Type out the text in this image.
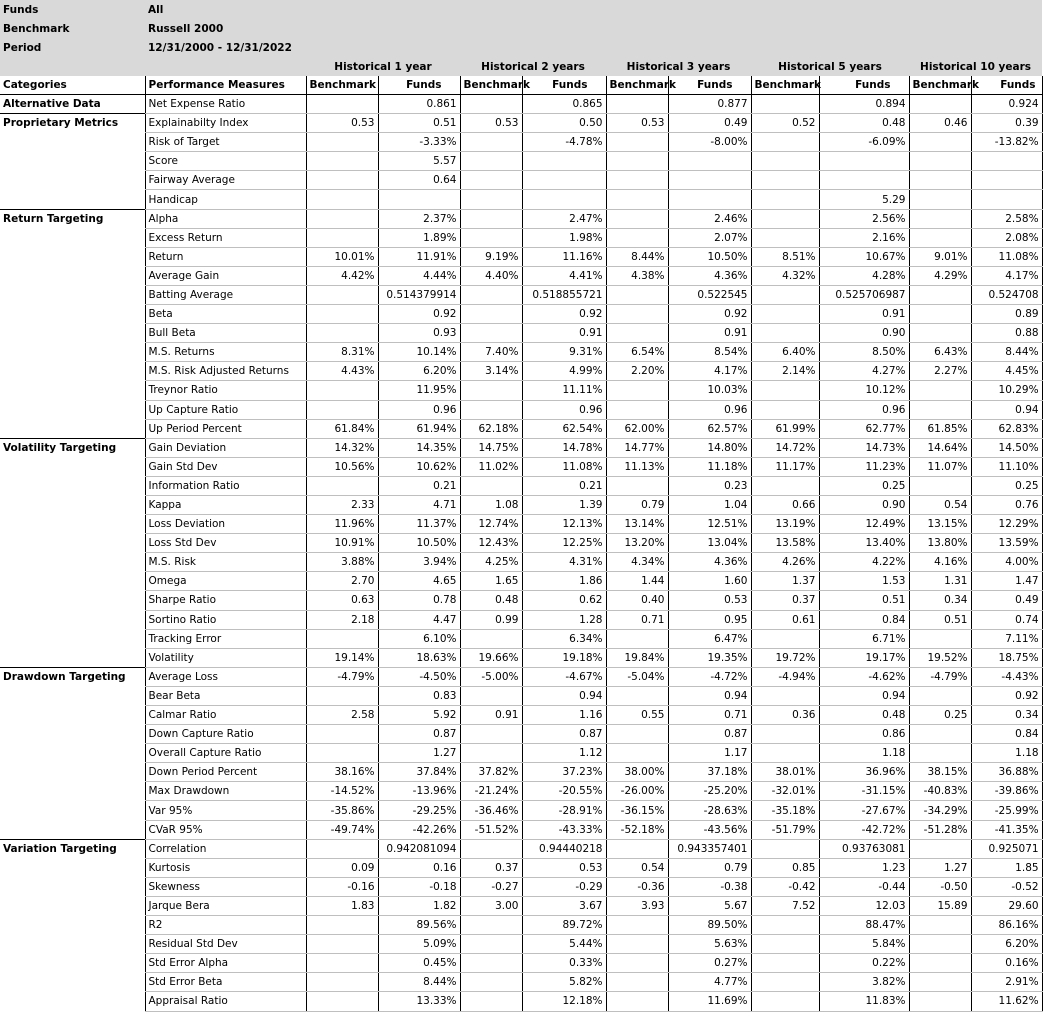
Funds	All										
Benchmark	Russell 2000										
Period	12/31/2000 - 12/31/2022										
		Historical 1 year		Historical 2 years		Historical 3 years		Historical 5 years		Historical 10 years	
Categories	Performance Measures	Benchmark	Funds	Benchmark	Funds	Benchmark	Funds	Benchmark	Funds	Benchmark	Funds
Alternative Data	Net Expense Ratio		0.861		0.865		0.877		0.894		0.924
Proprietary Metrics	Explainabilty Index	0.53	0.51	0.53	0.50	0.53	0.49	0.52	0.48	0.46	0.39
	Risk of Target		-3.33%		-4.78%		-8.00%		-6.09%		-13.82%
	Score		5.57								
	Fairway Average		0.64								
	Handicap								5.29		
Return Targeting	Alpha		2.37%		2.47%		2.46%		2.56%		2.58%
	Excess Return		1.89%		1.98%		2.07%		2.16%		2.08%
	Return	10.01%	11.91%	9.19%	11.16%	8.44%	10.50%	8.51%	10.67%	9.01%	11.08%
	Average Gain	4.42%	4.44%	4.40%	4.41%	4.38%	4.36%	4.32%	4.28%	4.29%	4.17%
	Batting Average		0.514379914		0.518855721		0.522545		0.525706987		0.524708
	Beta		0.92		0.92		0.92		0.91		0.89
	Bull Beta		0.93		0.91		0.91		0.90		0.88
	M.S. Returns	8.31%	10.14%	7.40%	9.31%	6.54%	8.54%	6.40%	8.50%	6.43%	8.44%
	M.S. Risk Adjusted Returns	4.43%	6.20%	3.14%	4.99%	2.20%	4.17%	2.14%	4.27%	2.27%	4.45%
	Treynor Ratio		11.95%		11.11%		10.03%		10.12%		10.29%
	Up Capture Ratio		0.96		0.96		0.96		0.96		0.94
	Up Period Percent	61.84%	61.94%	62.18%	62.54%	62.00%	62.57%	61.99%	62.77%	61.85%	62.83%
Volatility Targeting	Gain Deviation	14.32%	14.35%	14.75%	14.78%	14.77%	14.80%	14.72%	14.73%	14.64%	14.50%
	Gain Std Dev	10.56%	10.62%	11.02%	11.08%	11.13%	11.18%	11.17%	11.23%	11.07%	11.10%
	Information Ratio		0.21		0.21		0.23		0.25		0.25
	Kappa	2.33	4.71	1.08	1.39	0.79	1.04	0.66	0.90	0.54	0.76
	Loss Deviation	11.96%	11.37%	12.74%	12.13%	13.14%	12.51%	13.19%	12.49%	13.15%	12.29%
	Loss Std Dev	10.91%	10.50%	12.43%	12.25%	13.20%	13.04%	13.58%	13.40%	13.80%	13.59%
	M.S. Risk	3.88%	3.94%	4.25%	4.31%	4.34%	4.36%	4.26%	4.22%	4.16%	4.00%
	Omega	2.70	4.65	1.65	1.86	1.44	1.60	1.37	1.53	1.31	1.47
	Sharpe Ratio	0.63	0.78	0.48	0.62	0.40	0.53	0.37	0.51	0.34	0.49
	Sortino Ratio	2.18	4.47	0.99	1.28	0.71	0.95	0.61	0.84	0.51	0.74
	Tracking Error		6.10%		6.34%		6.47%		6.71%		7.11%
	Volatility	19.14%	18.63%	19.66%	19.18%	19.84%	19.35%	19.72%	19.17%	19.52%	18.75%
Drawdown Targeting	Average Loss	-4.79%	-4.50%	-5.00%	-4.67%	-5.04%	-4.72%	-4.94%	-4.62%	-4.79%	-4.43%
	Bear Beta		0.83		0.94		0.94		0.94		0.92
	Calmar Ratio	2.58	5.92	0.91	1.16	0.55	0.71	0.36	0.48	0.25	0.34
	Down Capture Ratio		0.87		0.87		0.87		0.86		0.84
	Overall Capture Ratio		1.27		1.12		1.17		1.18		1.18
	Down Period Percent	38.16%	37.84%	37.82%	37.23%	38.00%	37.18%	38.01%	36.96%	38.15%	36.88%
	Max Drawdown	-14.52%	-13.96%	-21.24%	-20.55%	-26.00%	-25.20%	-32.01%	-31.15%	-40.83%	-39.86%
	Var 95%	-35.86%	-29.25%	-36.46%	-28.91%	-36.15%	-28.63%	-35.18%	-27.67%	-34.29%	-25.99%
	CVaR 95%	-49.74%	-42.26%	-51.52%	-43.33%	-52.18%	-43.56%	-51.79%	-42.72%	-51.28%	-41.35%
Variation Targeting	Correlation		0.942081094		0.94440218		0.943357401		0.93763081		0.925071
	Kurtosis	0.09	0.16	0.37	0.53	0.54	0.79	0.85	1.23	1.27	1.85
	Skewness	-0.16	-0.18	-0.27	-0.29	-0.36	-0.38	-0.42	-0.44	-0.50	-0.52
	Jarque Bera	1.83	1.82	3.00	3.67	3.93	5.67	7.52	12.03	15.89	29.60
	R2		89.56%		89.72%		89.50%		88.47%		86.16%
	Residual Std Dev		5.09%		5.44%		5.63%		5.84%		6.20%
	Std Error Alpha		0.45%		0.33%		0.27%		0.22%		0.16%
	Std Error Beta		8.44%		5.82%		4.77%		3.82%		2.91%
	Appraisal Ratio		13.33%		12.18%		11.69%		11.83%		11.62%
